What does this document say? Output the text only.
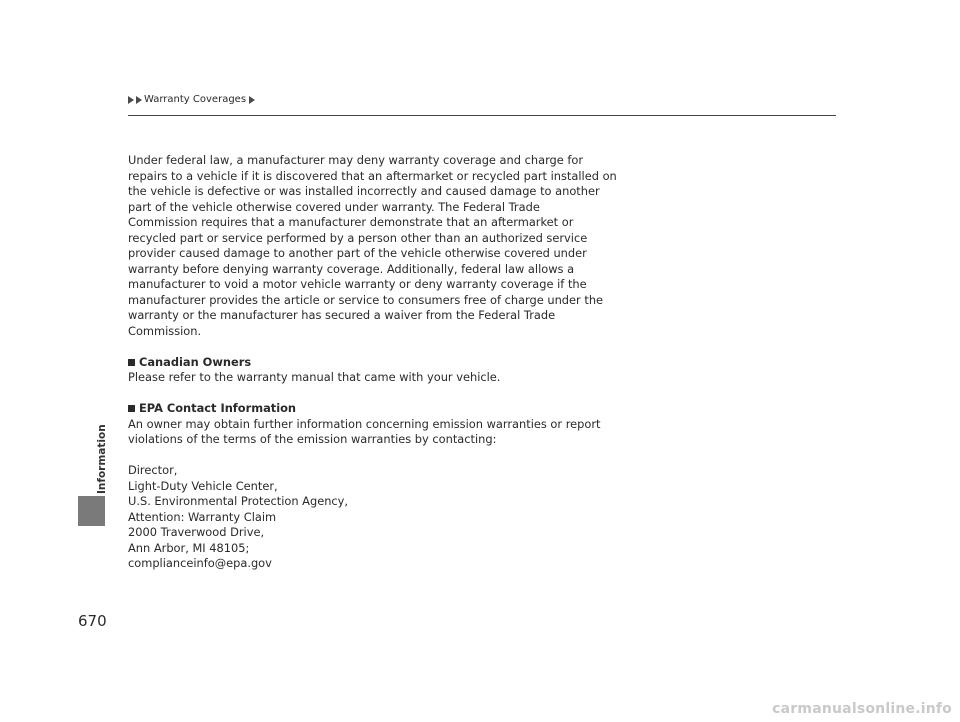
Warranty Coverages
Information
670
Under federal law, a manufacturer may deny warranty coverage and charge for
repairs to a vehicle if it is discovered that an aftermarket or recycled part installed on
the vehicle is defective or was installed incorrectly and caused damage to another
part of the vehicle otherwise covered under warranty. The Federal Trade
Commission requires that a manufacturer demonstrate that an aftermarket or
recycled part or service performed by a person other than an authorized service
provider caused damage to another part of the vehicle otherwise covered under
warranty before denying warranty coverage. Additionally, federal law allows a
manufacturer to void a motor vehicle warranty or deny warranty coverage if the
manufacturer provides the article or service to consumers free of charge under the
warranty or the manufacturer has secured a waiver from the Federal Trade
Commission.
Canadian Owners
Please refer to the warranty manual that came with your vehicle.
EPA Contact Information
An owner may obtain further information concerning emission warranties or report
violations of the terms of the emission warranties by contacting:
Director,
Light-Duty Vehicle Center,
U.S. Environmental Protection Agency,
Attention: Warranty Claim
2000 Traverwood Drive,
Ann Arbor, MI 48105;
complianceinfo@epa.gov
carmanualsonline.info
